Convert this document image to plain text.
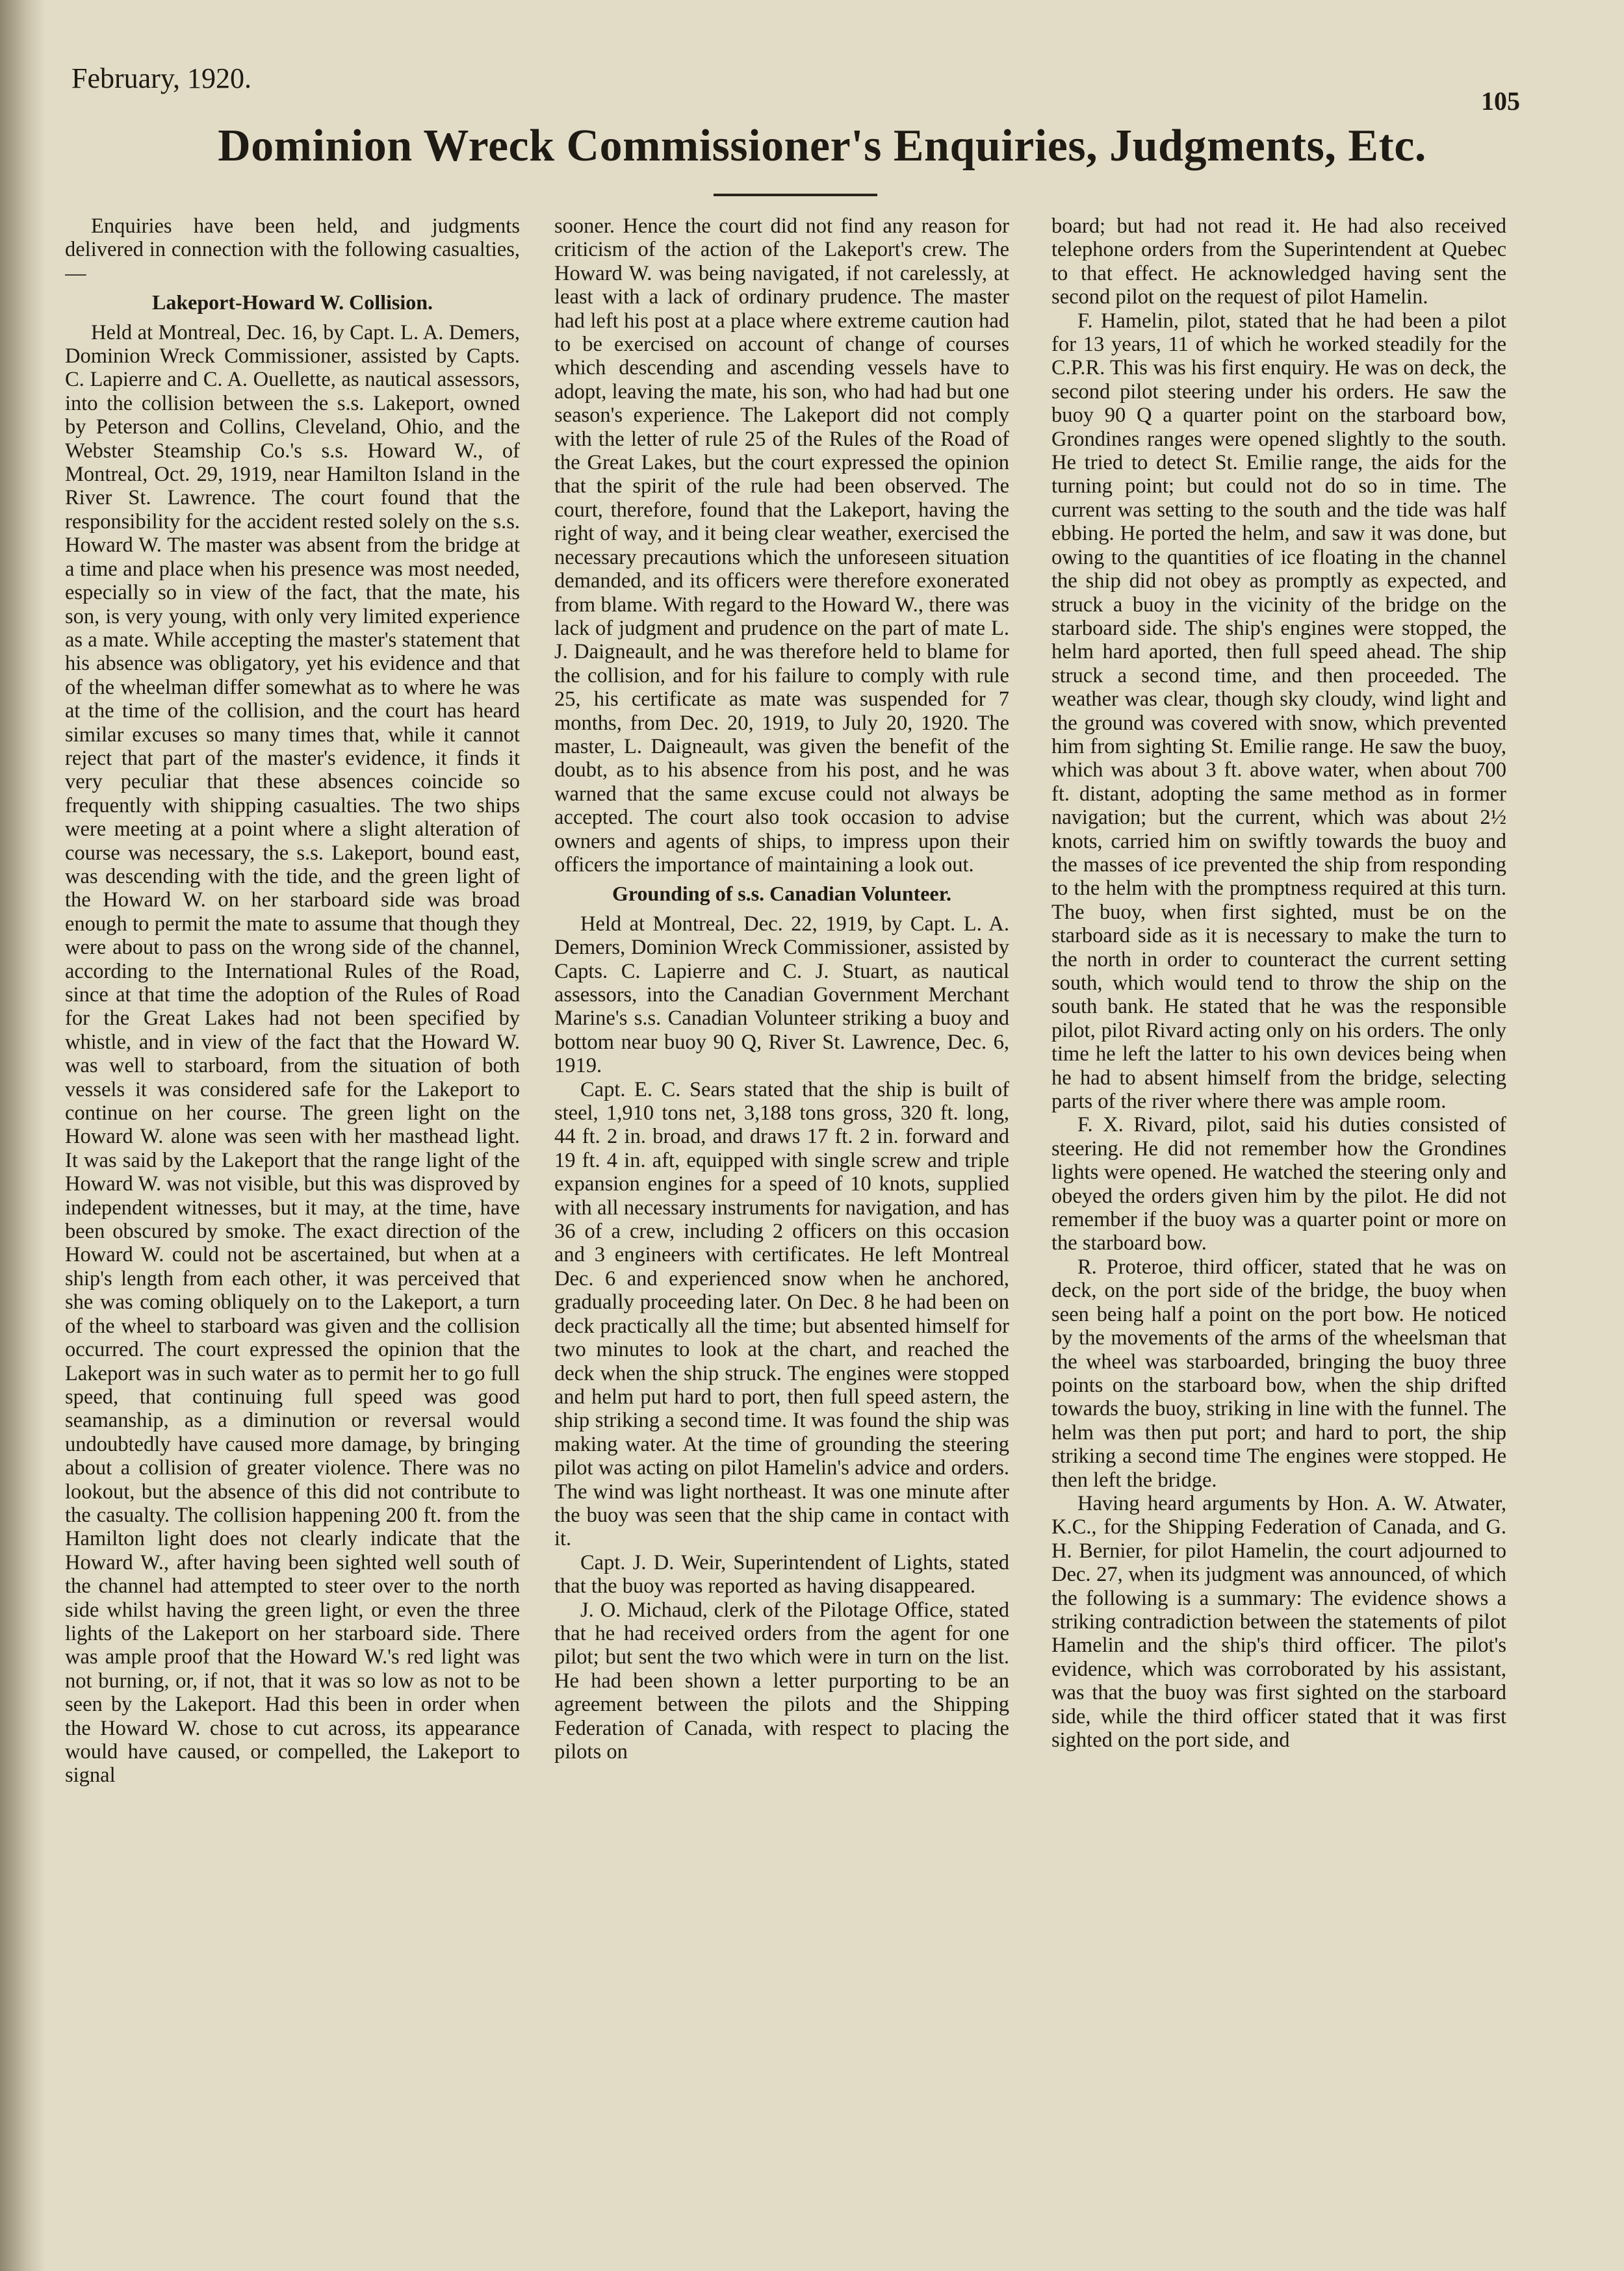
February, 1920.
105
Dominion Wreck Commissioner's Enquiries, Judgments, Etc.

Enquiries have been held, and judgments delivered in connection with the following casualties,—

Lakeport-Howard W. Collision.

Held at Montreal, Dec. 16, by Capt. L. A. Demers, Dominion Wreck Commissioner, assisted by Capts. C. Lapierre and C. A. Ouellette, as nautical assessors, into the collision between the s.s. Lakeport, owned by Peterson and Collins, Cleveland, Ohio, and the Webster Steamship Co.'s s.s. Howard W., of Montreal, Oct. 29, 1919, near Hamilton Island in the River St. Lawrence. The court found that the responsibility for the accident rested solely on the s.s. Howard W. The master was absent from the bridge at a time and place when his presence was most needed, especially so in view of the fact, that the mate, his son, is very young, with only very limited experience as a mate. While accepting the master's statement that his absence was obligatory, yet his evidence and that of the wheelman differ somewhat as to where he was at the time of the collision, and the court has heard similar excuses so many times that, while it cannot reject that part of the master's evidence, it finds it very peculiar that these absences coincide so frequently with shipping casualties. The two ships were meeting at a point where a slight alteration of course was necessary, the s.s. Lakeport, bound east, was descending with the tide, and the green light of the Howard W. on her starboard side was broad enough to permit the mate to assume that though they were about to pass on the wrong side of the channel, according to the International Rules of the Road, since at that time the adoption of the Rules of Road for the Great Lakes had not been specified by whistle, and in view of the fact that the Howard W. was well to starboard, from the situation of both vessels it was considered safe for the Lakeport to continue on her course. The green light on the Howard W. alone was seen with her masthead light. It was said by the Lakeport that the range light of the Howard W. was not visible, but this was disproved by independent witnesses, but it may, at the time, have been obscured by smoke. The exact direction of the Howard W. could not be ascertained, but when at a ship's length from each other, it was perceived that she was coming obliquely on to the Lakeport, a turn of the wheel to starboard was given and the collision occurred. The court expressed the opinion that the Lakeport was in such water as to permit her to go full speed, that continuing full speed was good seamanship, as a diminution or reversal would undoubtedly have caused more damage, by bringing about a collision of greater violence. There was no lookout, but the absence of this did not contribute to the casualty. The collision happening 200 ft. from the Hamilton light does not clearly indicate that the Howard W., after having been sighted well south of the channel had attempted to steer over to the north side whilst having the green light, or even the three lights of the Lakeport on her starboard side. There was ample proof that the Howard W.'s red light was not burning, or, if not, that it was so low as not to be seen by the Lakeport. Had this been in order when the Howard W. chose to cut across, its appearance would have caused, or compelled, the Lakeport to signal

sooner. Hence the court did not find any reason for criticism of the action of the Lakeport's crew. The Howard W. was being navigated, if not carelessly, at least with a lack of ordinary prudence. The master had left his post at a place where extreme caution had to be exercised on account of change of courses which descending and ascending vessels have to adopt, leaving the mate, his son, who had had but one season's experience. The Lakeport did not comply with the letter of rule 25 of the Rules of the Road of the Great Lakes, but the court expressed the opinion that the spirit of the rule had been observed. The court, therefore, found that the Lakeport, having the right of way, and it being clear weather, exercised the necessary precautions which the unforeseen situation demanded, and its officers were therefore exonerated from blame. With regard to the Howard W., there was lack of judgment and prudence on the part of mate L. J. Daigneault, and he was therefore held to blame for the collision, and for his failure to comply with rule 25, his certificate as mate was suspended for 7 months, from Dec. 20, 1919, to July 20, 1920. The master, L. Daigneault, was given the benefit of the doubt, as to his absence from his post, and he was warned that the same excuse could not always be accepted. The court also took occasion to advise owners and agents of ships, to impress upon their officers the importance of maintaining a look out.

Grounding of s.s. Canadian Volunteer.

Held at Montreal, Dec. 22, 1919, by Capt. L. A. Demers, Dominion Wreck Commissioner, assisted by Capts. C. Lapierre and C. J. Stuart, as nautical assessors, into the Canadian Government Merchant Marine's s.s. Canadian Volunteer striking a buoy and bottom near buoy 90 Q, River St. Lawrence, Dec. 6, 1919.

Capt. E. C. Sears stated that the ship is built of steel, 1,910 tons net, 3,188 tons gross, 320 ft. long, 44 ft. 2 in. broad, and draws 17 ft. 2 in. forward and 19 ft. 4 in. aft, equipped with single screw and triple expansion engines for a speed of 10 knots, supplied with all necessary instruments for navigation, and has 36 of a crew, including 2 officers on this occasion and 3 engineers with certificates. He left Montreal Dec. 6 and experienced snow when he anchored, gradually proceeding later. On Dec. 8 he had been on deck practically all the time; but absented himself for two minutes to look at the chart, and reached the deck when the ship struck. The engines were stopped and helm put hard to port, then full speed astern, the ship striking a second time. It was found the ship was making water. At the time of grounding the steering pilot was acting on pilot Hamelin's advice and orders. The wind was light northeast. It was one minute after the buoy was seen that the ship came in contact with it.

Capt. J. D. Weir, Superintendent of Lights, stated that the buoy was reported as having disappeared.

J. O. Michaud, clerk of the Pilotage Office, stated that he had received orders from the agent for one pilot; but sent the two which were in turn on the list. He had been shown a letter purporting to be an agreement between the pilots and the Shipping Federation of Canada, with respect to placing the pilots on

board; but had not read it. He had also received telephone orders from the Superintendent at Quebec to that effect. He acknowledged having sent the second pilot on the request of pilot Hamelin.

F. Hamelin, pilot, stated that he had been a pilot for 13 years, 11 of which he worked steadily for the C.P.R. This was his first enquiry. He was on deck, the second pilot steering under his orders. He saw the buoy 90 Q a quarter point on the starboard bow, Grondines ranges were opened slightly to the south. He tried to detect St. Emilie range, the aids for the turning point; but could not do so in time. The current was setting to the south and the tide was half ebbing. He ported the helm, and saw it was done, but owing to the quantities of ice floating in the channel the ship did not obey as promptly as expected, and struck a buoy in the vicinity of the bridge on the starboard side. The ship's engines were stopped, the helm hard aported, then full speed ahead. The ship struck a second time, and then proceeded. The weather was clear, though sky cloudy, wind light and the ground was covered with snow, which prevented him from sighting St. Emilie range. He saw the buoy, which was about 3 ft. above water, when about 700 ft. distant, adopting the same method as in former navigation; but the current, which was about 2½ knots, carried him on swiftly towards the buoy and the masses of ice prevented the ship from responding to the helm with the promptness required at this turn. The buoy, when first sighted, must be on the starboard side as it is necessary to make the turn to the north in order to counteract the current setting south, which would tend to throw the ship on the south bank. He stated that he was the responsible pilot, pilot Rivard acting only on his orders. The only time he left the latter to his own devices being when he had to absent himself from the bridge, selecting parts of the river where there was ample room.

F. X. Rivard, pilot, said his duties consisted of steering. He did not remember how the Grondines lights were opened. He watched the steering only and obeyed the orders given him by the pilot. He did not remember if the buoy was a quarter point or more on the starboard bow.

R. Proteroe, third officer, stated that he was on deck, on the port side of the bridge, the buoy when seen being half a point on the port bow. He noticed by the movements of the arms of the wheelsman that the wheel was starboarded, bringing the buoy three points on the starboard bow, when the ship drifted towards the buoy, striking in line with the funnel. The helm was then put port; and hard to port, the ship striking a second time The engines were stopped. He then left the bridge.

Having heard arguments by Hon. A. W. Atwater, K.C., for the Shipping Federation of Canada, and G. H. Bernier, for pilot Hamelin, the court adjourned to Dec. 27, when its judgment was announced, of which the following is a summary: The evidence shows a striking contradiction between the statements of pilot Hamelin and the ship's third officer. The pilot's evidence, which was corroborated by his assistant, was that the buoy was first sighted on the starboard side, while the third officer stated that it was first sighted on the port side, and
